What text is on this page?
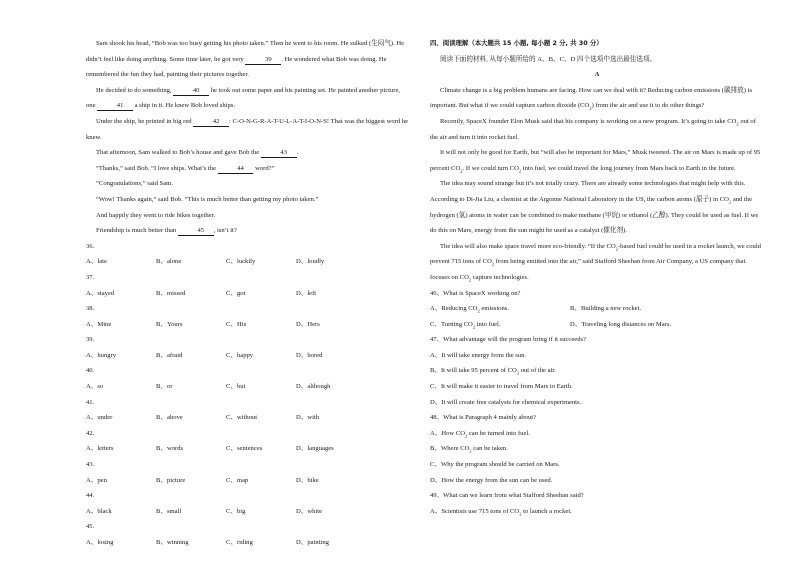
Sam shook his head, “Bob was too busy getting his photo taken.” Then he went to his room. He sulked (生闷气). He didn’t feel like doing anything. Some time later, he got very     39    . He wondered what Bob was doing. He remembered the fun they had, painting their pictures together.

He decided to do something,     40     he took out some paper and his painting set. He painted another picture, one     41     a ship in it. He knew Bob loved ships.

Under the ship, he printed in big red     42    : C-O-N-G-R-A-T-U-L-A-T-I-O-N-S! That was the biggest word he knew.

That afternoon, Sam walked to Bob’s house and gave Bob the     43    .

“Thanks,” said Bob. “I love ships. What’s the     44     word?”

“Congratulations,” said Sam.

“Wow! Thanks again,” said Bob. “This is much better than getting my photo taken.”

And happily they went to ride bikes together.

Friendship is much better than     45    , isn’t it?

36.

A、late	B、alone	C、luckily	D、loudly

37.

A、stayed	B、missed	C、got	D、left

38.

A、Mine	B、Yours	C、His	D、Hers

39.

A、hungry	B、afraid	C、happy	D、bored

40.

A、so	B、or	C、but	D、although

41.

A、under	B、above	C、without	D、with

42.

A、letters	B、words	C、sentences	D、languages

43.

A、pen	B、picture	C、map	D、bike

44.

A、black	B、small	C、big	D、white

45.

A、losing	B、winning	C、riding	D、painting

四、阅读理解（本大题共 15 小题, 每小题 2 分, 共 30 分）

阅读下面的材料, 从每小题所给的 A、B、C、D 四个选项中选出最佳选项。

A

Climate change is a big problem humans are facing. How can we deal with it? Reducing carbon emissions (碳排放) is important. But what if we could capture carbon dioxide $(CO_2)$ from the air and use it to do other things?

Recently, SpaceX founder Elon Musk said that his company is working on a new program. It’s going to take $CO_2$ out of the air and turn it into rocket fuel.

It will not only be good for Earth, but “will also be important for Mars,” Musk tweeted. The air on Mars is made up of 95 percent $CO_2$. If we could turn $CO_2$ into fuel, we could travel the long journey from Mars back to Earth in the future.

The idea may sound strange but it’s not totally crazy. There are already some technologies that might help with this. According to Di-Jia Liu, a chemist at the Argonne National Laboratory in the US, the carbon atoms (原子) in $CO_2$ and the hydrogen (氢) atoms in water can be combined to make methane (甲烷) or ethanol (乙醇). They could be used as fuel. If we do this on Mars, energy from the sun might be used as a catalyst (催化剂).

The idea will also make space travel more eco-friendly. “If the $CO_2$-based fuel could be used in a rocket launch, we could prevent 715 tons of $CO_2$ from being emitted into the air,” said Stafford Sheehan from Air Company, a US company that focuses on $CO_2$ capture technologies.

46、What is SpaceX working on?

A、Reducing $CO_2$ emissions.	B、Building a new rocket.
C、Turning $CO_2$ into fuel.	D、Traveling long distances on Mars.

47、What advantage will the program bring if it succeeds?

A、It will take energy from the sun.

B、It will take 95 percent of $CO_2$ out of the air.

C、It will make it easier to travel from Mars to Earth.

D、It will create free catalysts for chemical experiments.

48、What is Paragraph 4 mainly about?

A、How $CO_2$ can be turned into fuel.

B、Where $CO_2$ can be taken.

C、Why the program should be carried on Mars.

D、How the energy from the sun can be used.

49、What can we learn from what Stafford Sheehan said?

A、Scientists use 715 tons of $CO_2$ to launch a rocket.
